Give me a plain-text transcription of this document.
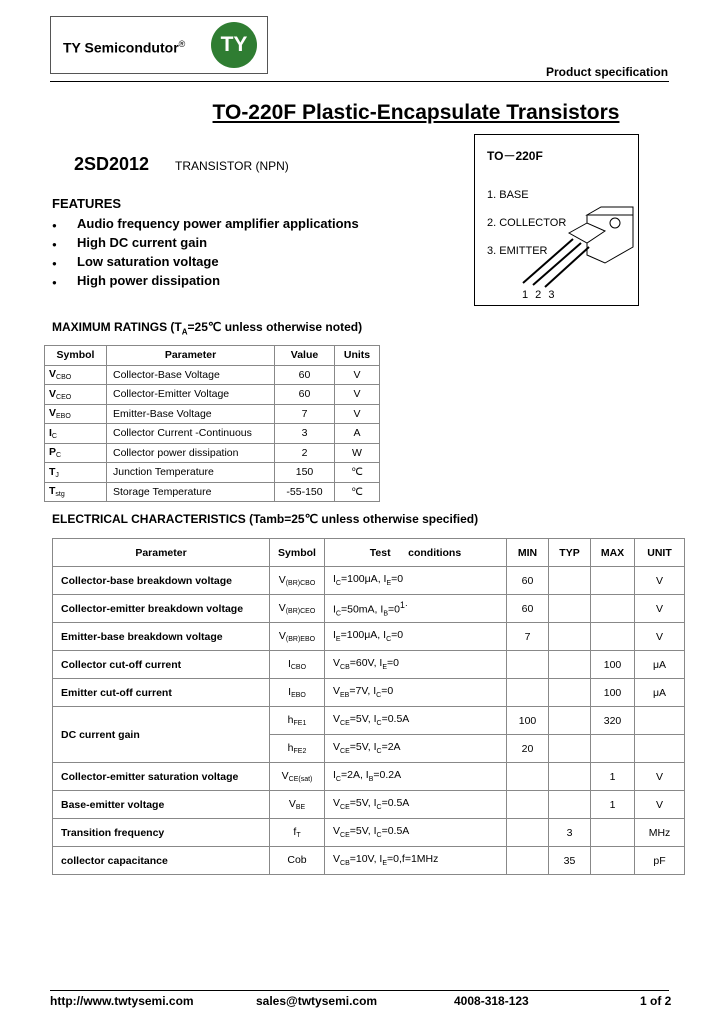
TY Semicondutor®	TY
Product specification
TO-220F Plastic-Encapsulate Transistors
2SD2012 TRANSISTOR (NPN)
TO－220F
1. BASE
2. COLLECTOR
3. EMITTER
1 2 3
FEATURES
● Audio frequency power amplifier applications
● High DC current gain
● Low saturation voltage
● High power dissipation
MAXIMUM RATINGS ($T_A=25℃$ unless otherwise noted)
Symbol	Parameter	Value	Units
$V_{CBO}$	Collector-Base Voltage	60	V
$V_{CEO}$	Collector-Emitter Voltage	60	V
$V_{EBO}$	Emitter-Base Voltage	7	V
$I_C$	Collector Current -Continuous	3	A
$P_C$	Collector power dissipation	2	W
$T_J$	Junction Temperature	150	℃
$T_{stg}$	Storage Temperature	-55-150	℃
ELECTRICAL CHARACTERISTICS (Tamb=25℃ unless otherwise specified)
Parameter	Symbol	Test      conditions	MIN	TYP	MAX	UNIT
Collector-base breakdown voltage	$V_{(BR)CBO}$	$I_C=100\mu A$, $I_E=0$	60			V
Collector-emitter breakdown voltage	$V_{(BR)CEO}$	$I_C=50mA$, $I_B=0^{1\cdot}$	60			V
Emitter-base breakdown voltage	$V_{(BR)EBO}$	$I_E=100\mu A$, $I_C=0$	7			V
Collector cut-off current	$I_{CBO}$	$V_{CB}=60V$, $I_E=0$			100	μA
Emitter cut-off current	$I_{EBO}$	$V_{EB}=7V$, $I_C=0$			100	μA
DC current gain	$h_{FE1}$	$V_{CE}=5V$, $I_C=0.5A$	100		320	
	$h_{FE2}$	$V_{CE}=5V$, $I_C=2A$	20			
Collector-emitter saturation voltage	$V_{CE(sat)}$	$I_C=2A$, $I_B=0.2A$			1	V
Base-emitter voltage	$V_{BE}$	$V_{CE}=5V$, $I_C=0.5A$			1	V
Transition frequency	$f_T$	$V_{CE}=5V$, $I_C=0.5A$		3		MHz
collector capacitance	Cob	$V_{CB}=10V$, $I_E=0,f=1MHz$		35		pF
http://www.twtysemi.com	sales@twtysemi.com	4008-318-123	1 of 2
